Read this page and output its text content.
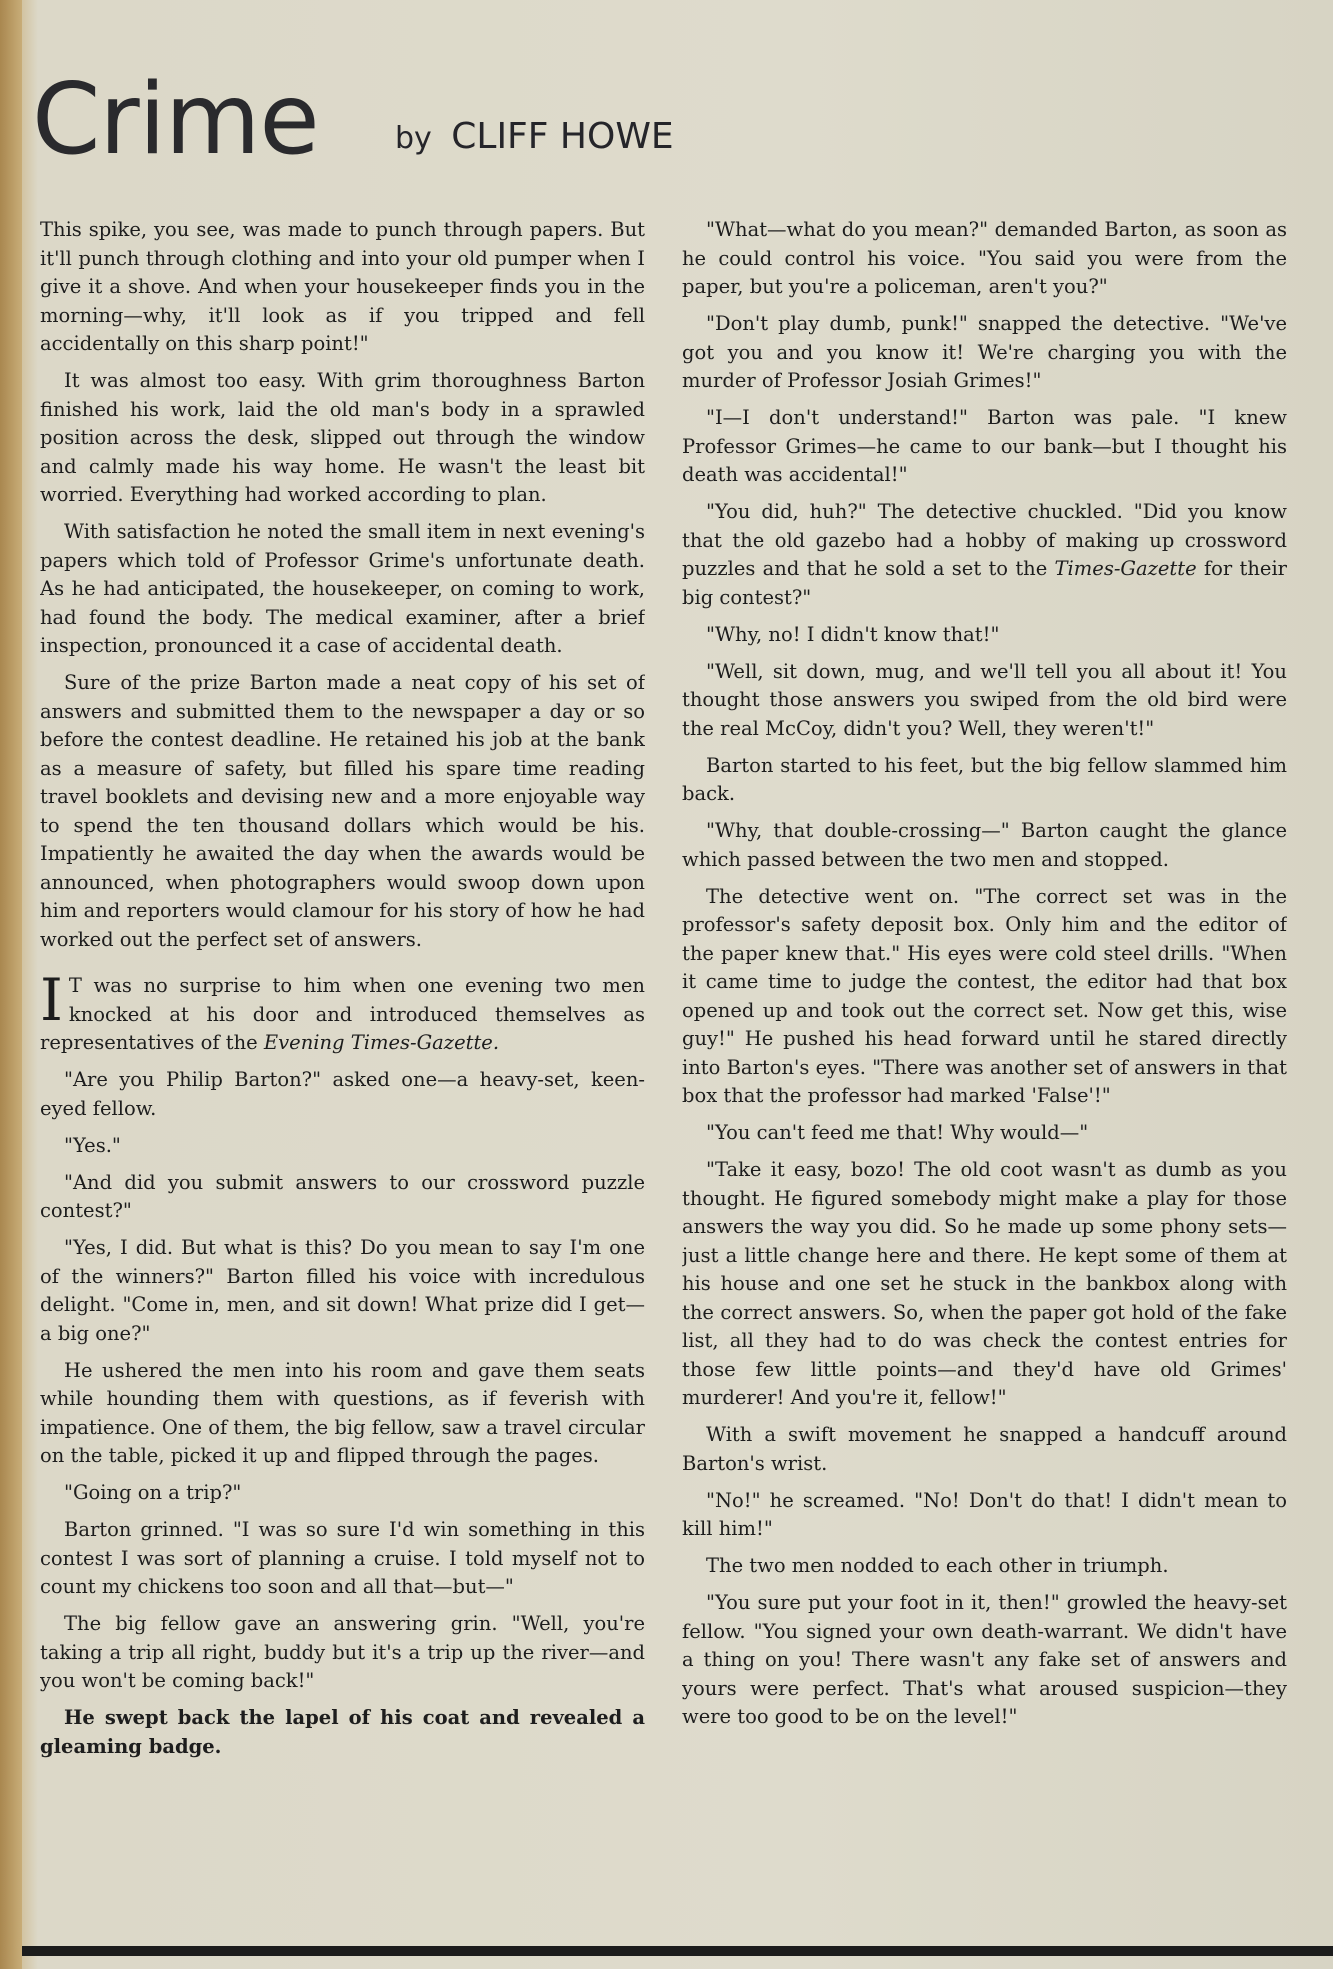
Crime	by CLIFF HOWE

This spike, you see, was made to punch through papers. But it'll punch through clothing and into your old pumper when I give it a shove. And when your housekeeper finds you in the morning—why, it'll look as if you tripped and fell accidentally on this sharp point!"

It was almost too easy. With grim thoroughness Barton finished his work, laid the old man's body in a sprawled position across the desk, slipped out through the window and calmly made his way home. He wasn't the least bit worried. Everything had worked according to plan.

With satisfaction he noted the small item in next evening's papers which told of Professor Grime's unfortunate death. As he had anticipated, the housekeeper, on coming to work, had found the body. The medical examiner, after a brief inspection, pronounced it a case of accidental death.

Sure of the prize Barton made a neat copy of his set of answers and submitted them to the newspaper a day or so before the contest deadline. He retained his job at the bank as a measure of safety, but filled his spare time reading travel booklets and devising new and a more enjoyable way to spend the ten thousand dollars which would be his. Impatiently he awaited the day when the awards would be announced, when photographers would swoop down upon him and reporters would clamour for his story of how he had worked out the perfect set of answers.

I T was no surprise to him when one evening two men knocked at his door and introduced themselves as representatives of the Evening Times-Gazette.

"Are you Philip Barton?" asked one—a heavy-set, keen-eyed fellow.

"Yes."

"And did you submit answers to our crossword puzzle contest?"

"Yes, I did. But what is this? Do you mean to say I'm one of the winners?" Barton filled his voice with incredulous delight. "Come in, men, and sit down! What prize did I get—a big one?"

He ushered the men into his room and gave them seats while hounding them with questions, as if feverish with impatience. One of them, the big fellow, saw a travel circular on the table, picked it up and flipped through the pages.

"Going on a trip?"

Barton grinned. "I was so sure I'd win something in this contest I was sort of planning a cruise. I told myself not to count my chickens too soon and all that—but—"

The big fellow gave an answering grin. "Well, you're taking a trip all right, buddy but it's a trip up the river—and you won't be coming back!"

He swept back the lapel of his coat and revealed a gleaming badge.

"What—what do you mean?" demanded Barton, as soon as he could control his voice. "You said you were from the paper, but you're a policeman, aren't you?"

"Don't play dumb, punk!" snapped the detective. "We've got you and you know it! We're charging you with the murder of Professor Josiah Grimes!"

"I—I don't understand!" Barton was pale. "I knew Professor Grimes—he came to our bank—but I thought his death was accidental!"

"You did, huh?" The detective chuckled. "Did you know that the old gazebo had a hobby of making up crossword puzzles and that he sold a set to the Times-Gazette for their big contest?"

"Why, no! I didn't know that!"

"Well, sit down, mug, and we'll tell you all about it! You thought those answers you swiped from the old bird were the real McCoy, didn't you? Well, they weren't!"

Barton started to his feet, but the big fellow slammed him back.

"Why, that double-crossing—" Barton caught the glance which passed between the two men and stopped.

The detective went on. "The correct set was in the professor's safety deposit box. Only him and the editor of the paper knew that." His eyes were cold steel drills. "When it came time to judge the contest, the editor had that box opened up and took out the correct set. Now get this, wise guy!" He pushed his head forward until he stared directly into Barton's eyes. "There was another set of answers in that box that the professor had marked 'False'!"

"You can't feed me that! Why would—"

"Take it easy, bozo! The old coot wasn't as dumb as you thought. He figured somebody might make a play for those answers the way you did. So he made up some phony sets—just a little change here and there. He kept some of them at his house and one set he stuck in the bankbox along with the correct answers. So, when the paper got hold of the fake list, all they had to do was check the contest entries for those few little points—and they'd have old Grimes' murderer! And you're it, fellow!"

With a swift movement he snapped a handcuff around Barton's wrist.

"No!" he screamed. "No! Don't do that! I didn't mean to kill him!"

The two men nodded to each other in triumph.

"You sure put your foot in it, then!" growled the heavy-set fellow. "You signed your own death-warrant. We didn't have a thing on you! There wasn't any fake set of answers and yours were perfect. That's what aroused suspicion—they were too good to be on the level!"
